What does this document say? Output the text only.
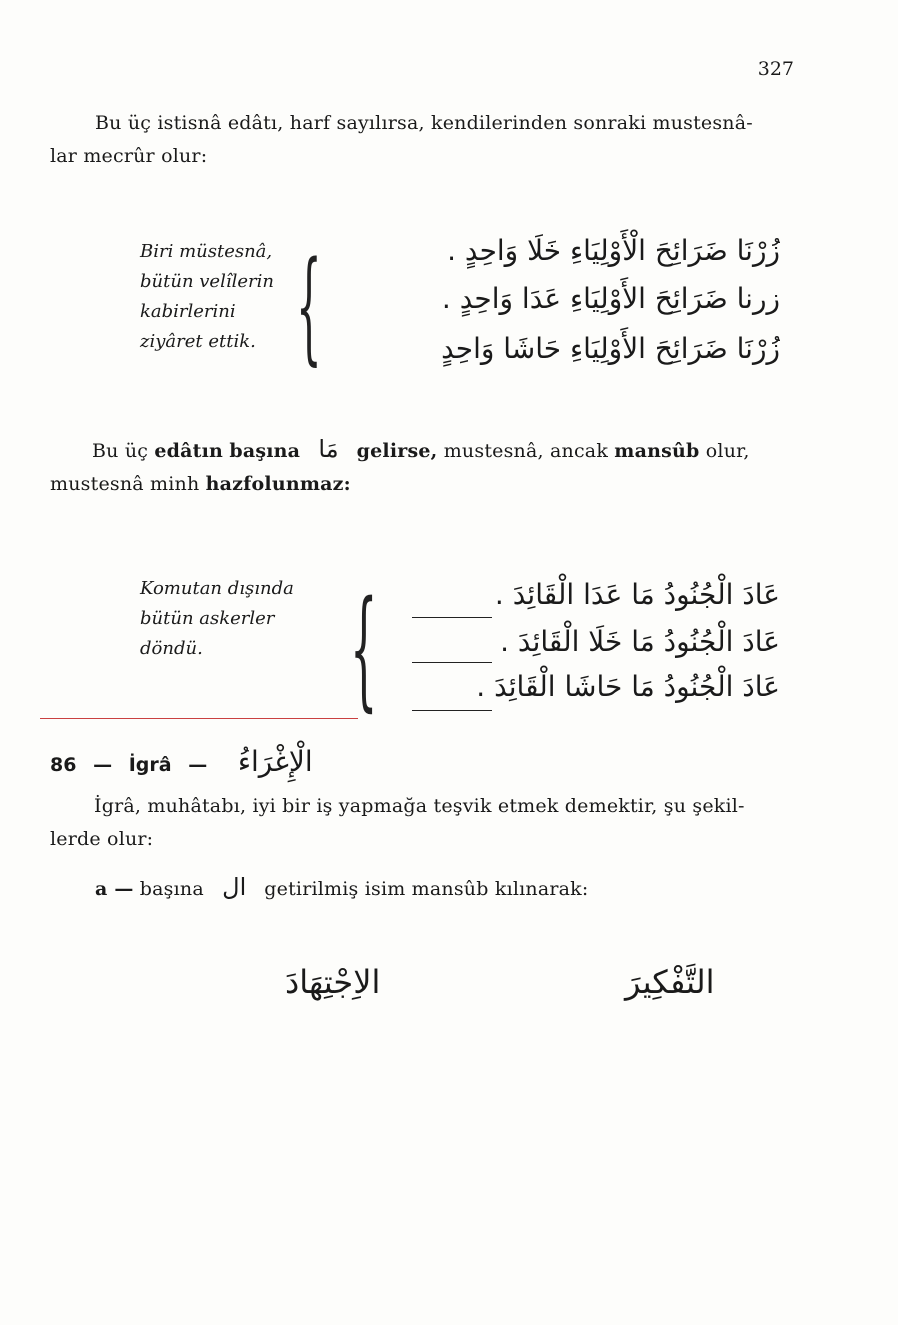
327
Bu üç istisnâ edâtı, harf sayılırsa, kendilerinden sonraki mustesnâ-
lar mecrûr olur:
Biri müstesnâ,
bütün velîlerin
kabirlerini
ziyâret ettik. {	زُرْنَا ضَرَائِحَ الْأَوْلِيَاءِ خَلَا وَاحِدٍ .
زرنا ضَرَائِحَ الأَوْلِيَاءِ عَدَا وَاحِدٍ .
زُرْنَا ضَرَائِحَ الأَوْلِيَاءِ حَاشَا وَاحِدٍ
Bu üç edâtın başına مَا gelirse, mustesnâ, ancak mansûb olur,
mustesnâ minh hazfolunmaz:
Komutan dışında
bütün askerler
döndü.	{	عَادَ الْجُنُودُ مَا عَدَا الْقَائِدَ .
عَادَ الْجُنُودُ مَا خَلَا الْقَائِدَ .
عَادَ الْجُنُودُ مَا حَاشَا الْقَائِدَ .
86 — İgrâ — الْإِغْرَاءُ
İgrâ, muhâtabı, iyi bir iş yapmağa teşvik etmek demektir, şu şekil-
lerde olur:
a — başına ال getirilmiş isim mansûb kılınarak:
الاِجْتِهَادَ	التَّفْكِيرَ
